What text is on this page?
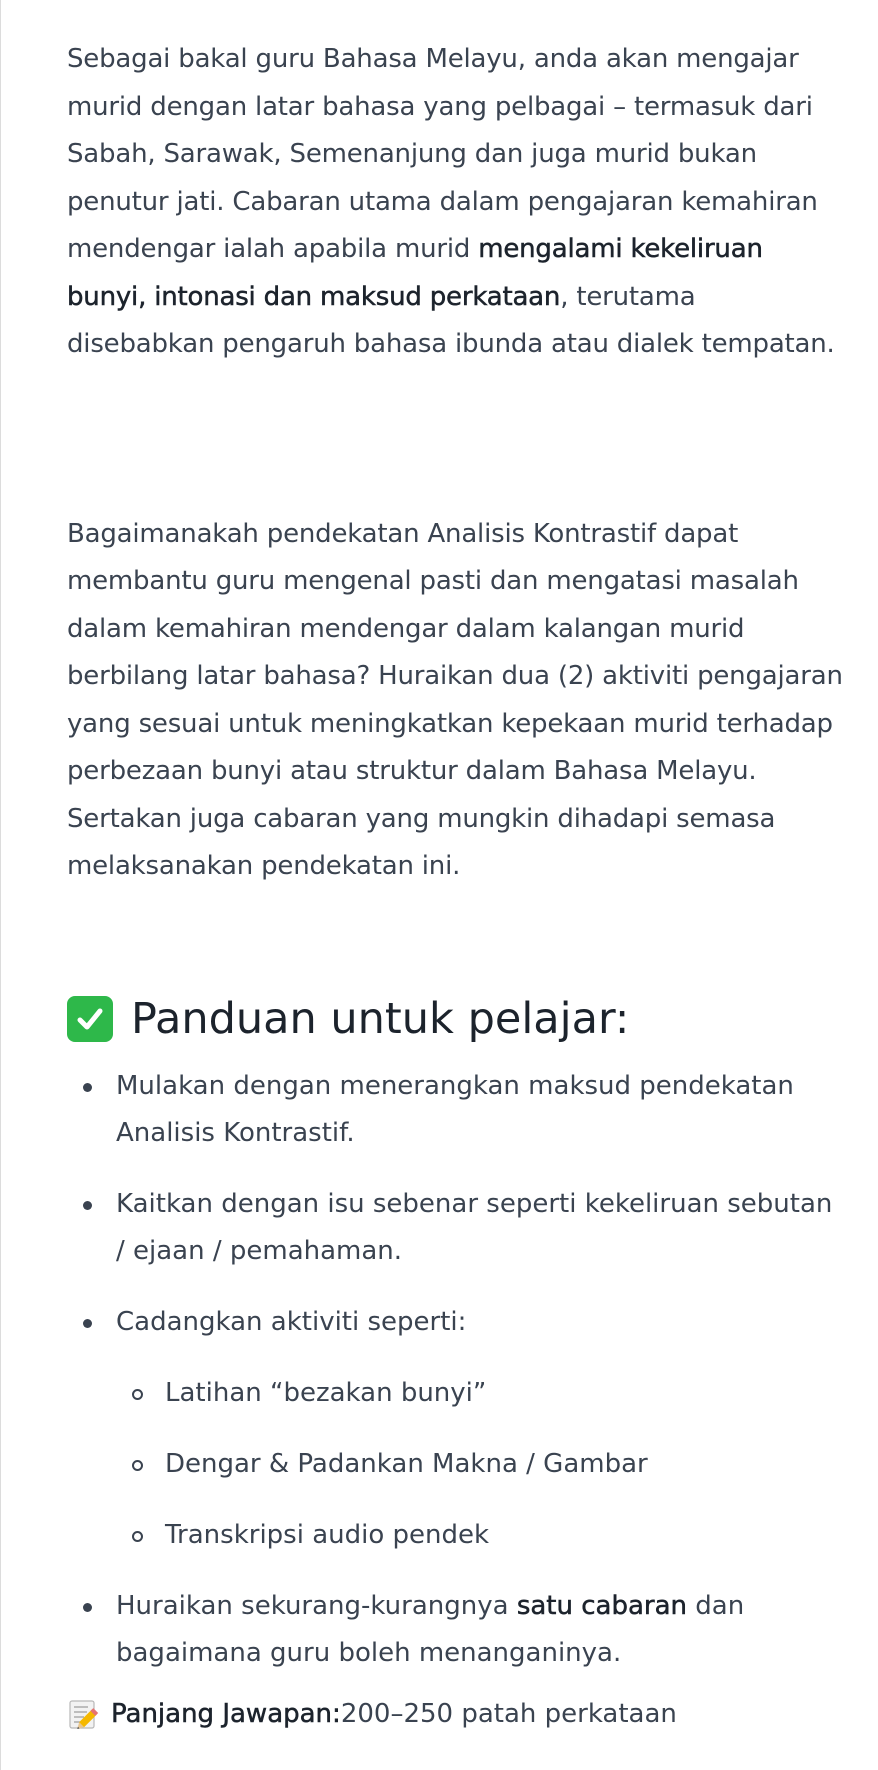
Sebagai bakal guru Bahasa Melayu, anda akan mengajar murid dengan latar bahasa yang pelbagai – termasuk dari Sabah, Sarawak, Semenanjung dan juga murid bukan penutur jati. Cabaran utama dalam pengajaran kemahiran mendengar ialah apabila murid mengalami kekeliruan bunyi, intonasi dan maksud perkataan, terutama disebabkan pengaruh bahasa ibunda atau dialek tempatan.

Bagaimanakah pendekatan Analisis Kontrastif dapat membantu guru mengenal pasti dan mengatasi masalah dalam kemahiran mendengar dalam kalangan murid berbilang latar bahasa? Huraikan dua (2) aktiviti pengajaran yang sesuai untuk meningkatkan kepekaan murid terhadap perbezaan bunyi atau struktur dalam Bahasa Melayu. Sertakan juga cabaran yang mungkin dihadapi semasa melaksanakan pendekatan ini.

Panduan untuk pelajar:
Mulakan dengan menerangkan maksud pendekatan Analisis Kontrastif.
Kaitkan dengan isu sebenar seperti kekeliruan sebutan / ejaan / pemahaman.
Cadangkan aktiviti seperti:
Latihan “bezakan bunyi”
Dengar & Padankan Makna / Gambar
Transkripsi audio pendek
Huraikan sekurang-kurangnya satu cabaran dan bagaimana guru boleh menanganinya.
Panjang Jawapan: 200–250 patah perkataan
